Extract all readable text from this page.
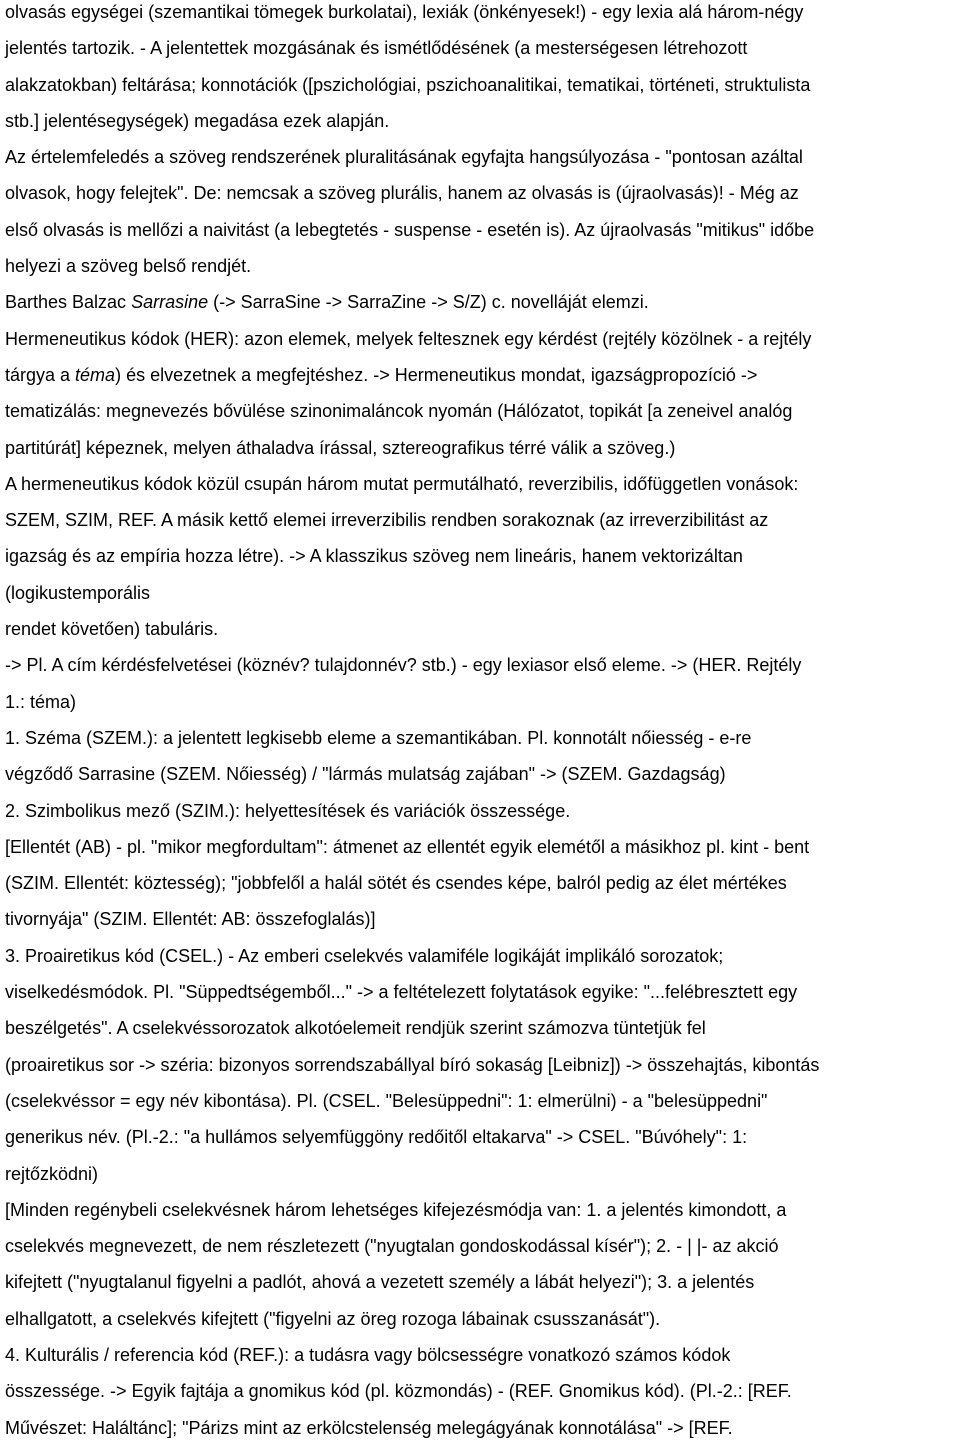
olvasás egységei (szemantikai tömegek burkolatai), lexiák (önkényesek!) - egy lexia alá három-négy
jelentés tartozik. - A jelentettek mozgásának és ismétlődésének (a mesterségesen létrehozott
alakzatokban) feltárása; konnotációk ([pszichológiai, pszichoanalitikai, tematikai, történeti, struktulista
stb.] jelentésegységek) megadása ezek alapján.
Az értelemfeledés a szöveg rendszerének pluralitásának egyfajta hangsúlyozása - "pontosan azáltal
olvasok, hogy felejtek". De: nemcsak a szöveg plurális, hanem az olvasás is (újraolvasás)! - Még az
első olvasás is mellőzi a naivitást (a lebegtetés - suspense - esetén is). Az újraolvasás "mitikus" időbe
helyezi a szöveg belső rendjét.
Barthes Balzac Sarrasine (-> SarraSine -> SarraZine -> S/Z) c. novelláját elemzi.
Hermeneutikus kódok (HER): azon elemek, melyek feltesznek egy kérdést (rejtély közölnek - a rejtély
tárgya a téma) és elvezetnek a megfejtéshez. -> Hermeneutikus mondat, igazságpropozíció ->
tematizálás: megnevezés bővülése szinonimaláncok nyomán (Hálózatot, topikát [a zeneivel analóg
partitúrát] képeznek, melyen áthaladva írással, sztereografikus térré válik a szöveg.)
A hermeneutikus kódok közül csupán három mutat permutálható, reverzibilis, időfüggetlen vonások:
SZEM, SZIM, REF. A másik kettő elemei irreverzibilis rendben sorakoznak (az irreverzibilitást az
igazság és az empíria hozza létre). -> A klasszikus szöveg nem lineáris, hanem vektorizáltan
(logikustemporális
rendet követően) tabuláris.
-> Pl. A cím kérdésfelvetései (köznév? tulajdonnév? stb.) - egy lexiasor első eleme. -> (HER. Rejtély
1.: téma)
1. Széma (SZEM.): a jelentett legkisebb eleme a szemantikában. Pl. konnotált nőiesség - e-re
végződő Sarrasine (SZEM. Nőiesség) / "lármás mulatság zajában" -> (SZEM. Gazdagság)
2. Szimbolikus mező (SZIM.): helyettesítések és variációk összessége.
[Ellentét (AB) - pl. "mikor megfordultam": átmenet az ellentét egyik elemétől a másikhoz pl. kint - bent
(SZIM. Ellentét: köztesség); "jobbfelől a halál sötét és csendes képe, balról pedig az élet mértékes
tivornyája" (SZIM. Ellentét: AB: összefoglalás)]
3. Proairetikus kód (CSEL.) - Az emberi cselekvés valamiféle logikáját implikáló sorozatok;
viselkedésmódok. Pl. "Süppedtségemből..." -> a feltételezett folytatások egyike: "...felébresztett egy
beszélgetés". A cselekvéssorozatok alkotóelemeit rendjük szerint számozva tüntetjük fel
(proairetikus sor -> széria: bizonyos sorrendszabállyal bíró sokaság [Leibniz]) -> összehajtás, kibontás
(cselekvéssor = egy név kibontása). Pl. (CSEL. "Belesüppedni": 1: elmerülni) - a "belesüppedni"
generikus név. (Pl.-2.: "a hullámos selyemfüggöny redőitől eltakarva" -> CSEL. "Búvóhely": 1:
rejtőzködni)
[Minden regénybeli cselekvésnek három lehetséges kifejezésmódja van: 1. a jelentés kimondott, a
cselekvés megnevezett, de nem részletezett ("nyugtalan gondoskodással kísér"); 2. - | |- az akció
kifejtett ("nyugtalanul figyelni a padlót, ahová a vezetett személy a lábát helyezi"); 3. a jelentés
elhallgatott, a cselekvés kifejtett ("figyelni az öreg rozoga lábainak csusszanását").
4. Kulturális / referencia kód (REF.): a tudásra vagy bölcsességre vonatkozó számos kódok
összessége. -> Egyik fajtája a gnomikus kód (pl. közmondás) - (REF. Gnomikus kód). (Pl.-2.: [REF.
Művészet: Haláltánc]; "Párizs mint az erkölcstelenség melegágyának konnotálása" -> [REF.
